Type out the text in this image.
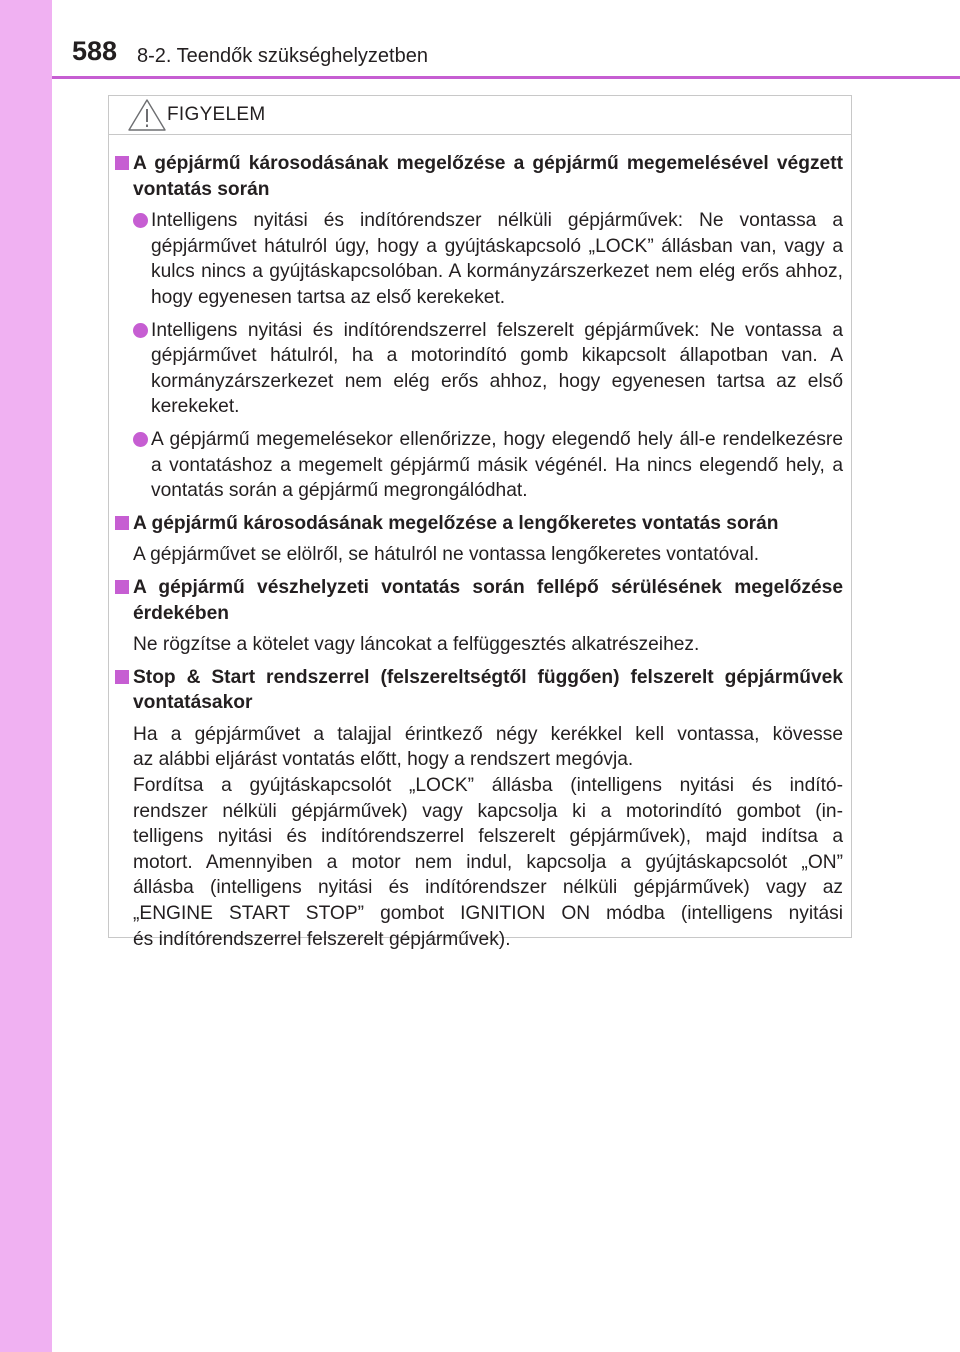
588 8-2. Teendők szükséghelyzetben
FIGYELEM
A gépjármű károsodásának megelőzése a gépjármű megemelésével végzett vontatás során
Intelligens nyitási és indítórendszer nélküli gépjárművek: Ne vontassa a gépjárművet hátulról úgy, hogy a gyújtáskapcsoló „LOCK” állásban van, vagy a kulcs nincs a gyújtáskapcsolóban. A kormányzárszerkezet nem elég erős ahhoz, hogy egyenesen tartsa az első kerekeket.
Intelligens nyitási és indítórendszerrel felszerelt gépjárművek: Ne vontassa a gépjárművet hátulról, ha a motorindító gomb kikapcsolt állapotban van. A kormányzárszerkezet nem elég erős ahhoz, hogy egyenesen tartsa az első kerekeket.
A gépjármű megemelésekor ellenőrizze, hogy elegendő hely áll-e rendelkezésre a vontatáshoz a megemelt gépjármű másik végénél. Ha nincs elegendő hely, a vontatás során a gépjármű megrongálódhat.
A gépjármű károsodásának megelőzése a lengőkeretes vontatás során
A gépjárművet se elölről, se hátulról ne vontassa lengőkeretes vontatóval.
A gépjármű vészhelyzeti vontatás során fellépő sérülésének megelőzése érdekében
Ne rögzítse a kötelet vagy láncokat a felfüggesztés alkatrészeihez.
Stop & Start rendszerrel (felszereltségtől függően) felszerelt gépjárművek vontatásakor
Ha a gépjárművet a talajjal érintkező négy kerékkel kell vontassa, kövesse
az alábbi eljárást vontatás előtt, hogy a rendszert megóvja.
Fordítsa a gyújtáskapcsolót „LOCK” állásba (intelligens nyitási és indító-
rendszer nélküli gépjárművek) vagy kapcsolja ki a motorindító gombot (in-
telligens nyitási és indítórendszerrel felszerelt gépjárművek), majd indítsa a
motort. Amennyiben a motor nem indul, kapcsolja a gyújtáskapcsolót „ON”
állásba (intelligens nyitási és indítórendszer nélküli gépjárművek) vagy az
„ENGINE START STOP” gombot IGNITION ON módba (intelligens nyitási
és indítórendszerrel felszerelt gépjárművek).
